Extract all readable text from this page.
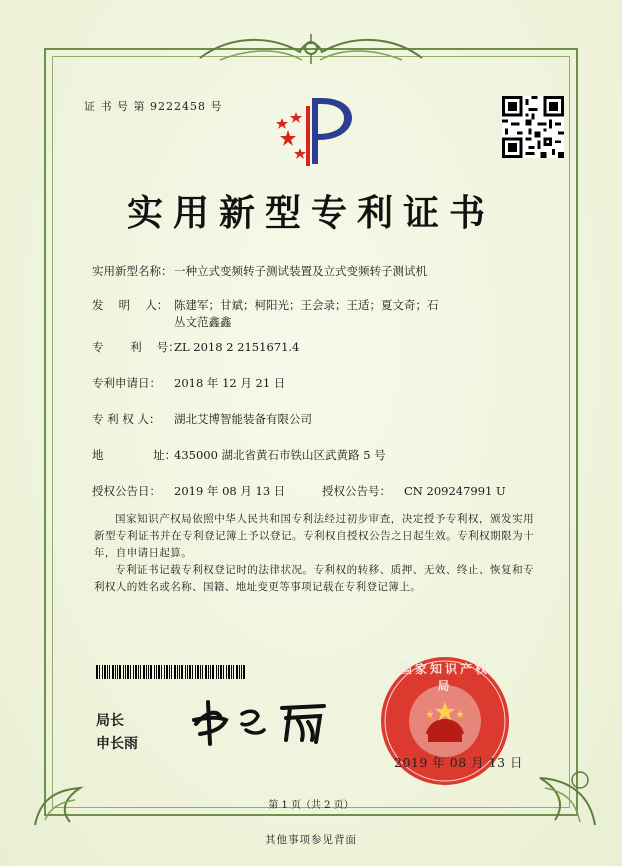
证 书 号 第 9222458 号
实用新型专利证书
实用新型名称： 一种立式变频转子测试装置及立式变频转子测试机
发　 明　 人： 陈建军；甘斌；柯阳光；王会录；王适；夏文奇；石丛文范鑫鑫
专　　 利　 号：
ZL 2018 2 2151671.4
专利申请日： 2018 年 12 月 21 日
专 利 权 人： 湖北艾博智能装备有限公司
地　　　　 址：
435000 湖北省黄石市铁山区武黄路 5 号
授权公告日： 2019 年 08 月 13 日	授权公告号： CN 209247991 U
国家知识产权局依照中华人民共和国专利法经过初步审查，决定授予专利权，颁发实用新型专利证书并在专利登记簿上予以登记。专利权自授权公告之日起生效。专利权期限为十年，自申请日起算。
专利证书记载专利权登记时的法律状况。专利权的转移、质押、无效、终止、恢复和专利权人的姓名或名称、国籍、地址变更等事项记载在专利登记簿上。
局长
申长雨
国家知识产权局
2019 年 08 月 13 日
第 1 页（共 2 页）
其他事项参见背面
